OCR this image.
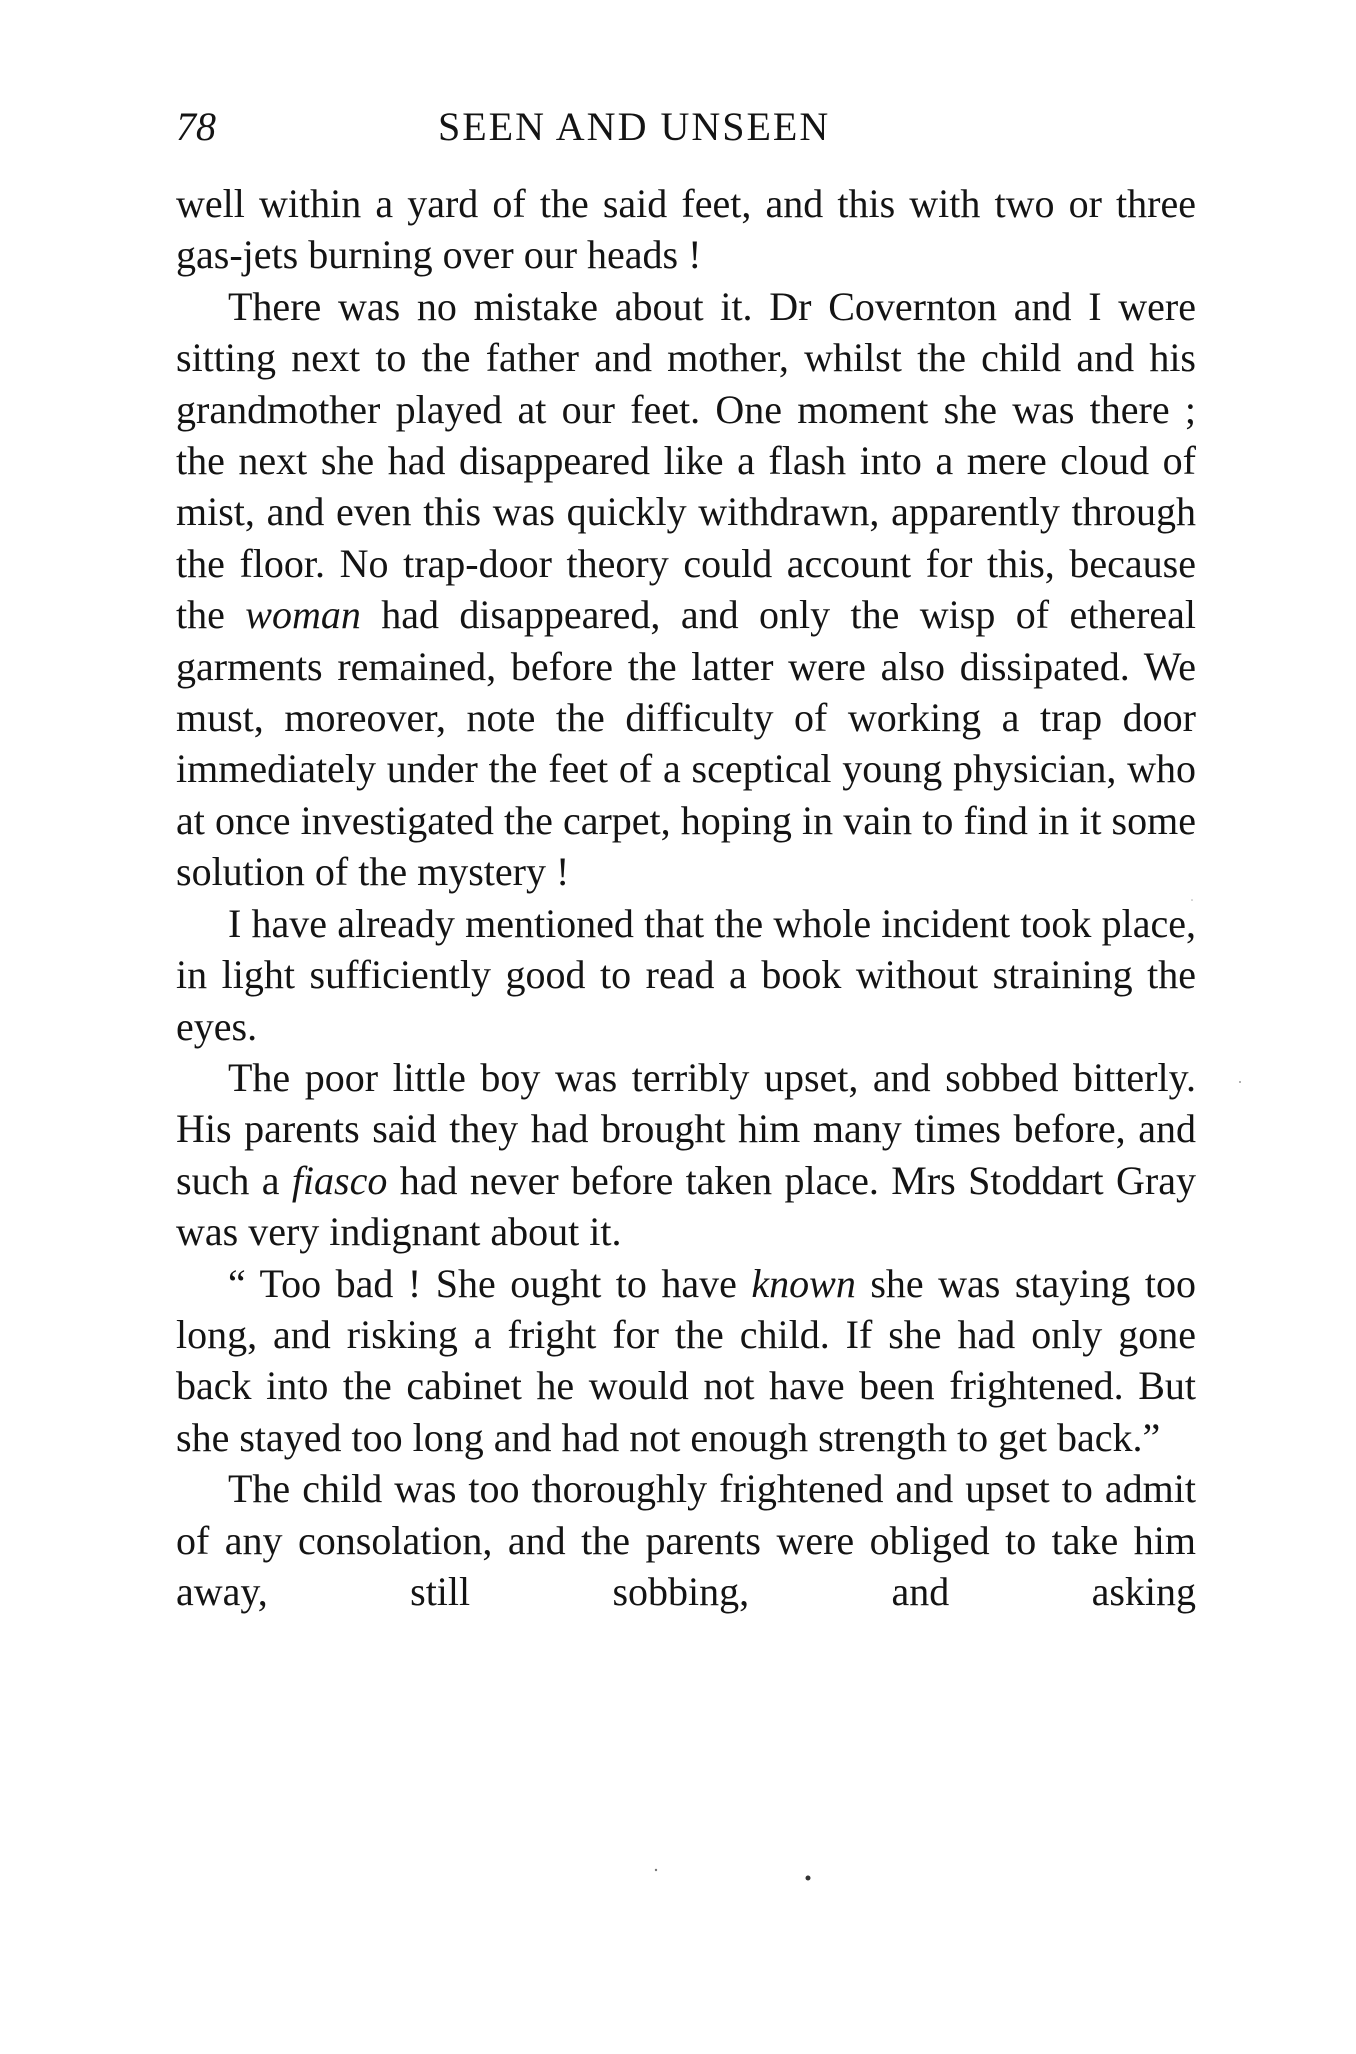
78	SEEN AND UNSEEN

well within a yard of the said feet, and this with two or three gas-jets burning over our heads !

There was no mistake about it. Dr Covernton and I were sitting next to the father and mother, whilst the child and his grandmother played at our feet. One moment she was there ; the next she had disappeared like a flash into a mere cloud of mist, and even this was quickly withdrawn, apparently through the floor. No trap-door theory could account for this, because the woman had disappeared, and only the wisp of ethereal garments remained, before the latter were also dissipated. We must, moreover, note the difficulty of working a trap door immediately under the feet of a sceptical young physician, who at once investigated the carpet, hoping in vain to find in it some solution of the mystery !

I have already mentioned that the whole incident took place, in light sufficiently good to read a book without straining the eyes.

The poor little boy was terribly upset, and sobbed bitterly. His parents said they had brought him many times before, and such a fiasco had never before taken place. Mrs Stoddart Gray was very indignant about it.

“ Too bad ! She ought to have known she was staying too long, and risking a fright for the child. If she had only gone back into the cabinet he would not have been frightened. But she stayed too long and had not enough strength to get back.”

The child was too thoroughly frightened and upset to admit of any consolation, and the parents were obliged to take him away, still sobbing, and asking
